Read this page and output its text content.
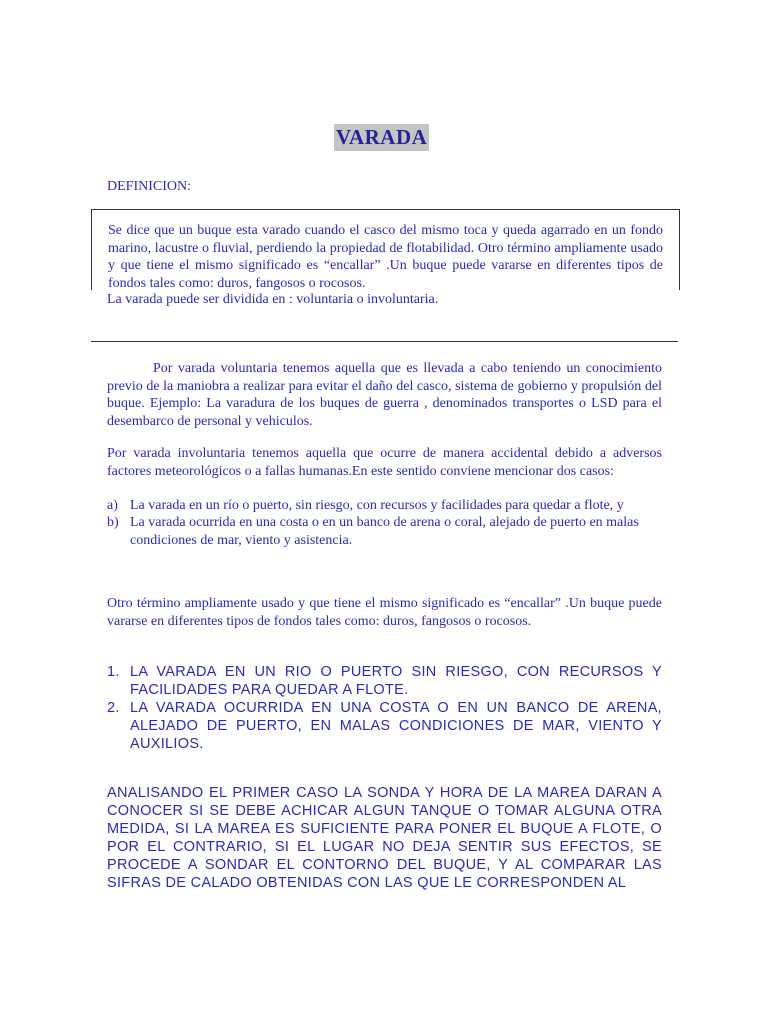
VARADA
DEFINICION:

Se dice que un buque esta varado cuando el casco del mismo toca y queda agarrado en un fondo marino, lacustre o fluvial, perdiendo la propiedad de flotabilidad. Otro término ampliamente usado y que tiene el mismo significado es “encallar” .Un buque puede vararse en diferentes tipos de fondos tales como: duros, fangosos o rocosos.

La varada puede ser dividida en : voluntaria o involuntaria.

Por varada voluntaria tenemos aquella que es llevada a cabo teniendo un conocimiento previo de la maniobra a realizar para evitar el daño del casco, sistema de gobierno y propulsión del buque. Ejemplo: La varadura de los buques de guerra , denominados transportes o LSD para el desembarco de personal y vehiculos.

Por varada involuntaria tenemos aquella que ocurre de manera accidental debido a adversos factores meteorológicos o a fallas humanas.En este sentido conviene mencionar dos casos:

a) La varada en un río o puerto, sin riesgo, con recursos y facilidades para quedar a flote, y
b) La varada ocurrida en una costa o en un banco de arena o coral, alejado de puerto en malas condiciones de mar, viento y asistencia.

Otro término ampliamente usado y que tiene el mismo significado es “encallar” .Un buque puede vararse en diferentes tipos de fondos tales como: duros, fangosos o rocosos.

1. LA VARADA EN UN RIO O PUERTO SIN RIESGO, CON RECURSOS Y FACILIDADES PARA QUEDAR A FLOTE.
2. LA VARADA OCURRIDA EN UNA COSTA O EN UN BANCO DE ARENA, ALEJADO DE PUERTO, EN MALAS CONDICIONES DE MAR, VIENTO Y AUXILIOS.

ANALISANDO EL PRIMER CASO LA SONDA Y HORA DE LA MAREA DARAN A CONOCER SI SE DEBE ACHICAR ALGUN TANQUE O TOMAR ALGUNA OTRA MEDIDA, SI LA MAREA ES SUFICIENTE PARA PONER EL BUQUE A FLOTE, O POR EL CONTRARIO, SI EL LUGAR NO DEJA SENTIR SUS EFECTOS, SE PROCEDE A SONDAR EL CONTORNO DEL BUQUE, Y AL COMPARAR LAS SIFRAS DE CALADO OBTENIDAS CON LAS QUE LE CORRESPONDEN AL
